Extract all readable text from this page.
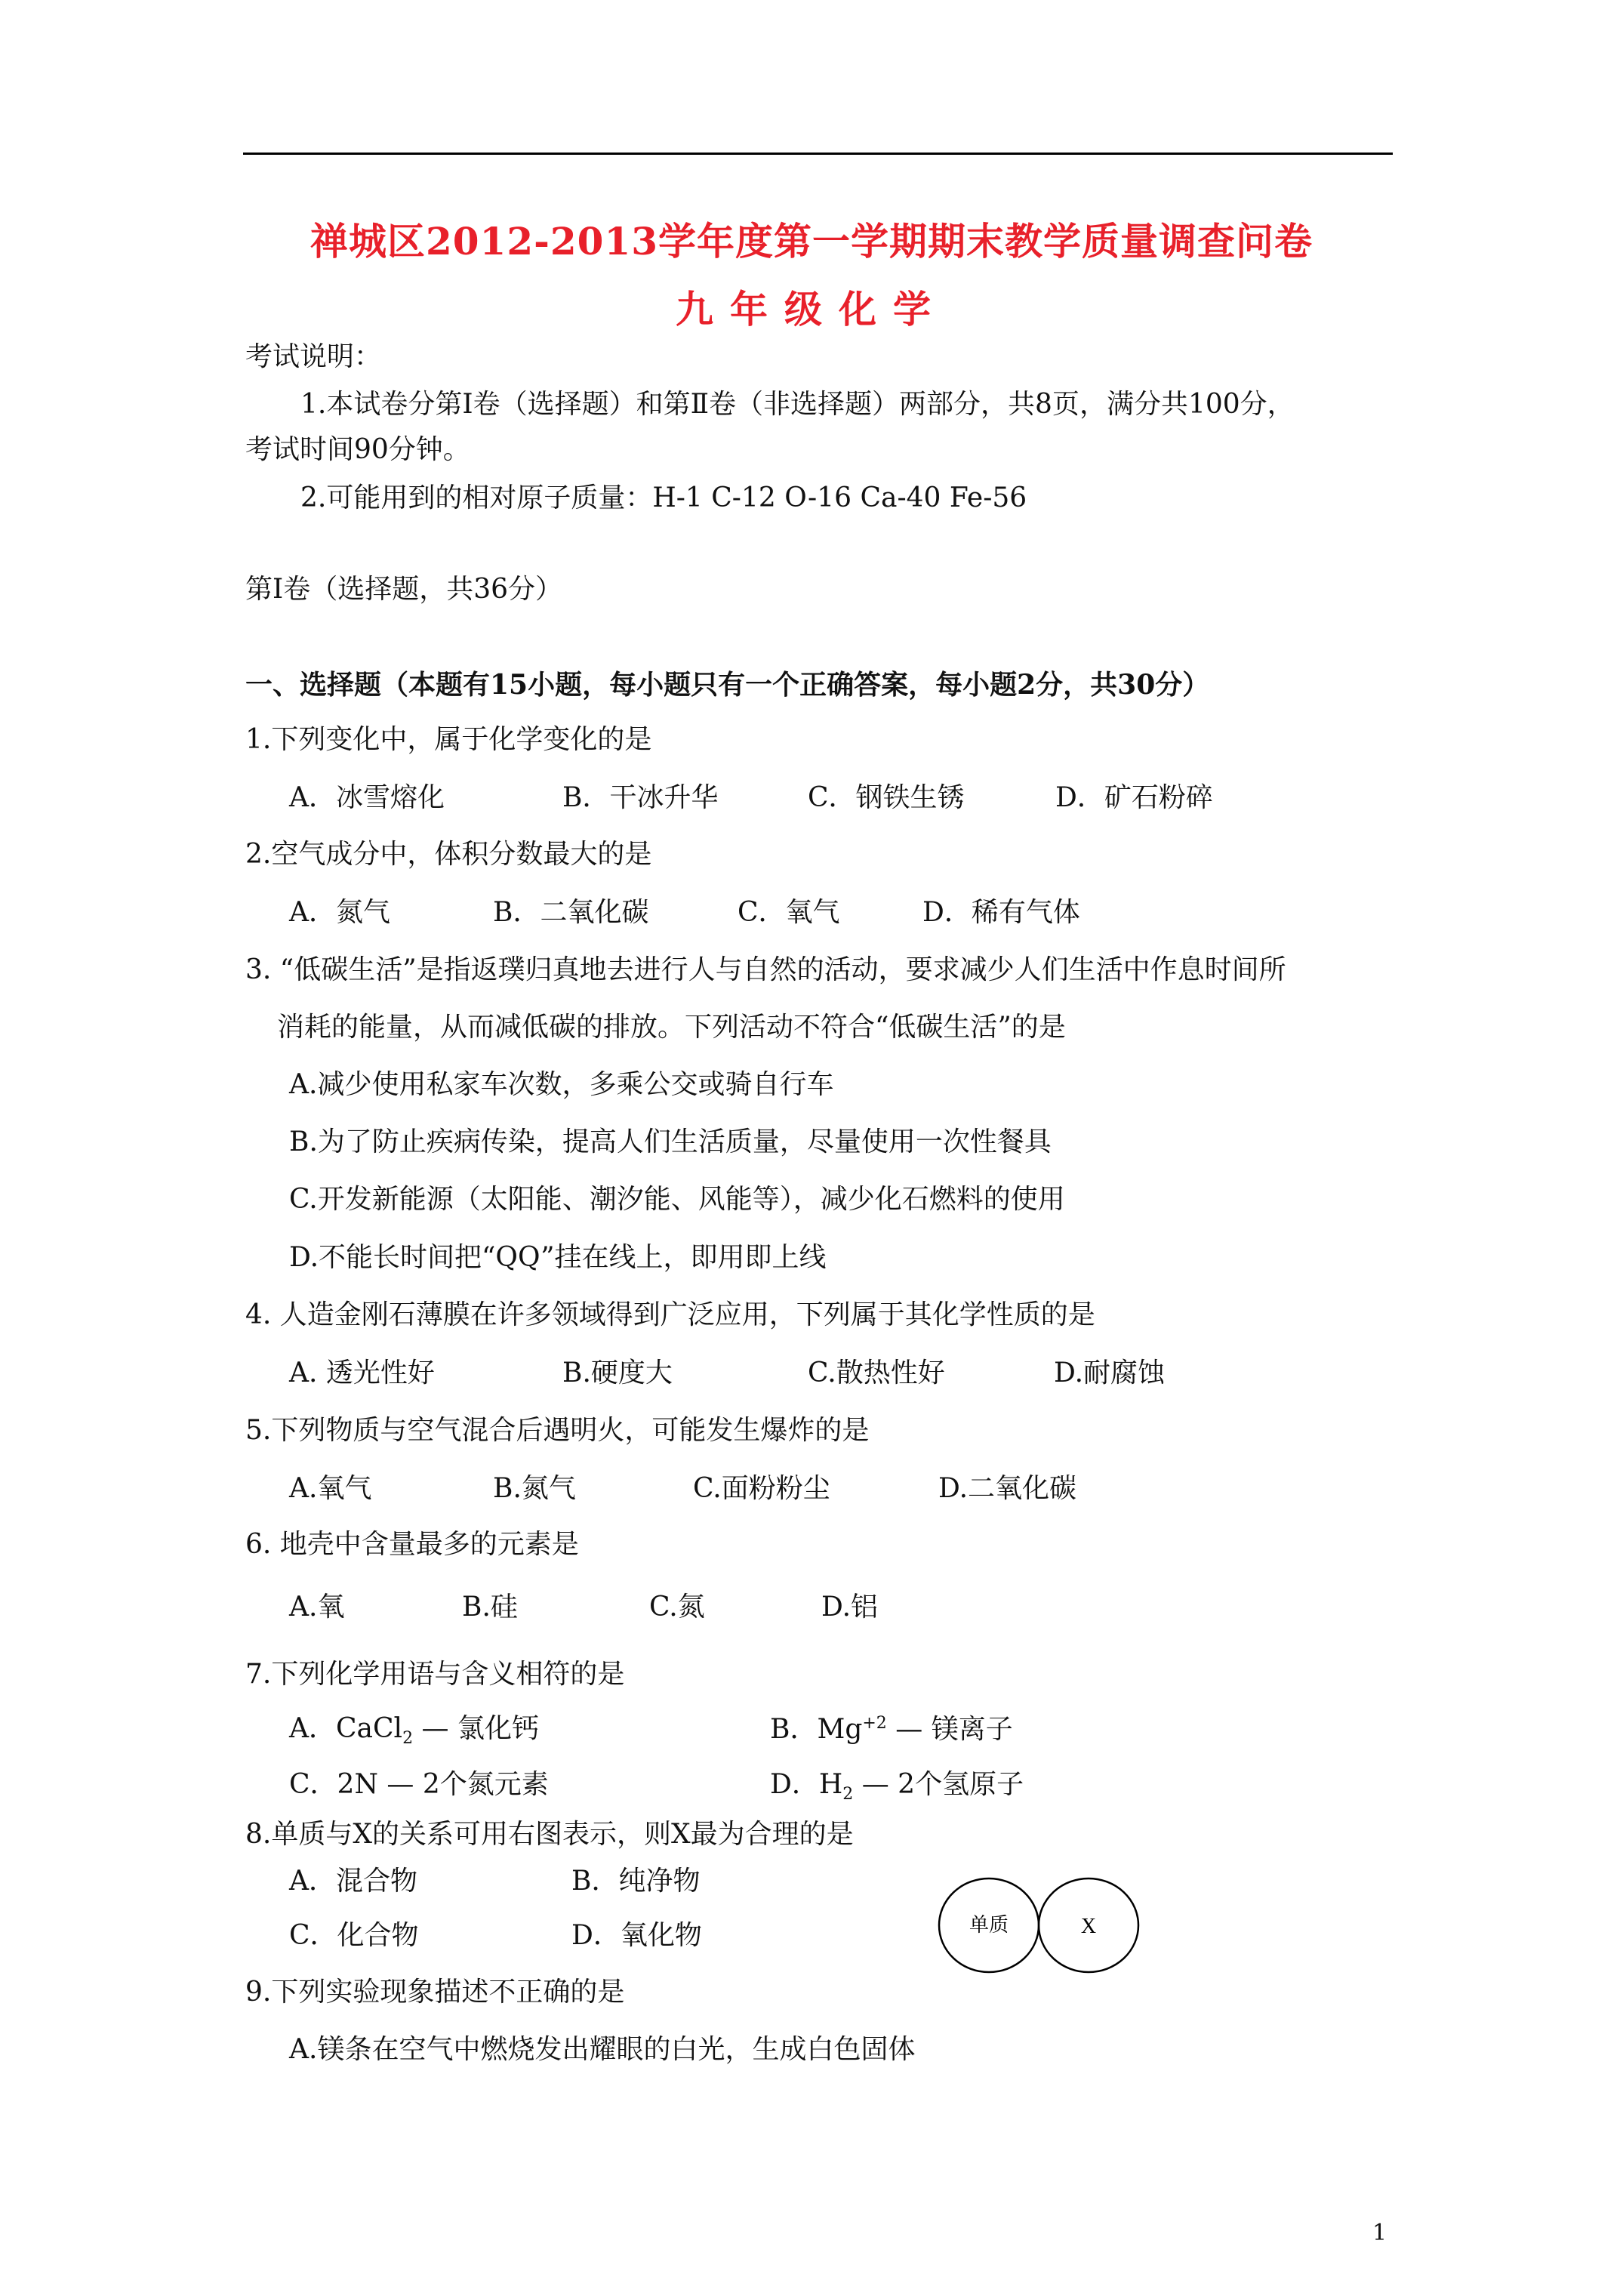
禅城区2012-2013学年度第一学期期末教学质量调查问卷
九年级化学
考试说明：
1.本试卷分第Ⅰ卷（选择题）和第Ⅱ卷（非选择题）两部分，共8页，满分共100分，
考试时间90分钟。
2.可能用到的相对原子质量：H-1 C-12 O-16 Ca-40 Fe-56
第Ⅰ卷（选择题，共36分）
一、选择题（本题有15小题，每小题只有一个正确答案，每小题2分，共30分）
1.下列变化中，属于化学变化的是
A．冰雪熔化	B．干冰升华	C．钢铁生锈	D．矿石粉碎
2.空气成分中，体积分数最大的是
A．氮气	B．二氧化碳	C．氧气	D．稀有气体
3. “低碳生活”是指返璞归真地去进行人与自然的活动，要求减少人们生活中作息时间所
消耗的能量，从而减低碳的排放。下列活动不符合“低碳生活”的是
A.减少使用私家车次数，多乘公交或骑自行车
B.为了防止疾病传染，提高人们生活质量，尽量使用一次性餐具
C.开发新能源（太阳能、潮汐能、风能等），减少化石燃料的使用
D.不能长时间把“QQ”挂在线上，即用即上线
4. 人造金刚石薄膜在许多领域得到广泛应用，下列属于其化学性质的是
A. 透光性好	B.硬度大	C.散热性好	D.耐腐蚀
5.下列物质与空气混合后遇明火，可能发生爆炸的是
A.氧气	B.氮气	C.面粉粉尘	D.二氧化碳
6. 地壳中含量最多的元素是
A.氧	B.硅	C.氮	D.铝
7.下列化学用语与含义相符的是
A．CaCl$_2$ — 氯化钙	B．$Mg^{+2}$ — 镁离子
C．2N — 2个氮元素	D．$H_2$ — 2个氢原子
8.单质与X的关系可用右图表示，则X最为合理的是
A．混合物	B．纯净物
C．化合物	D．氧化物	单质	X
9.下列实验现象描述不正确的是
A.镁条在空气中燃烧发出耀眼的白光，生成白色固体
1
